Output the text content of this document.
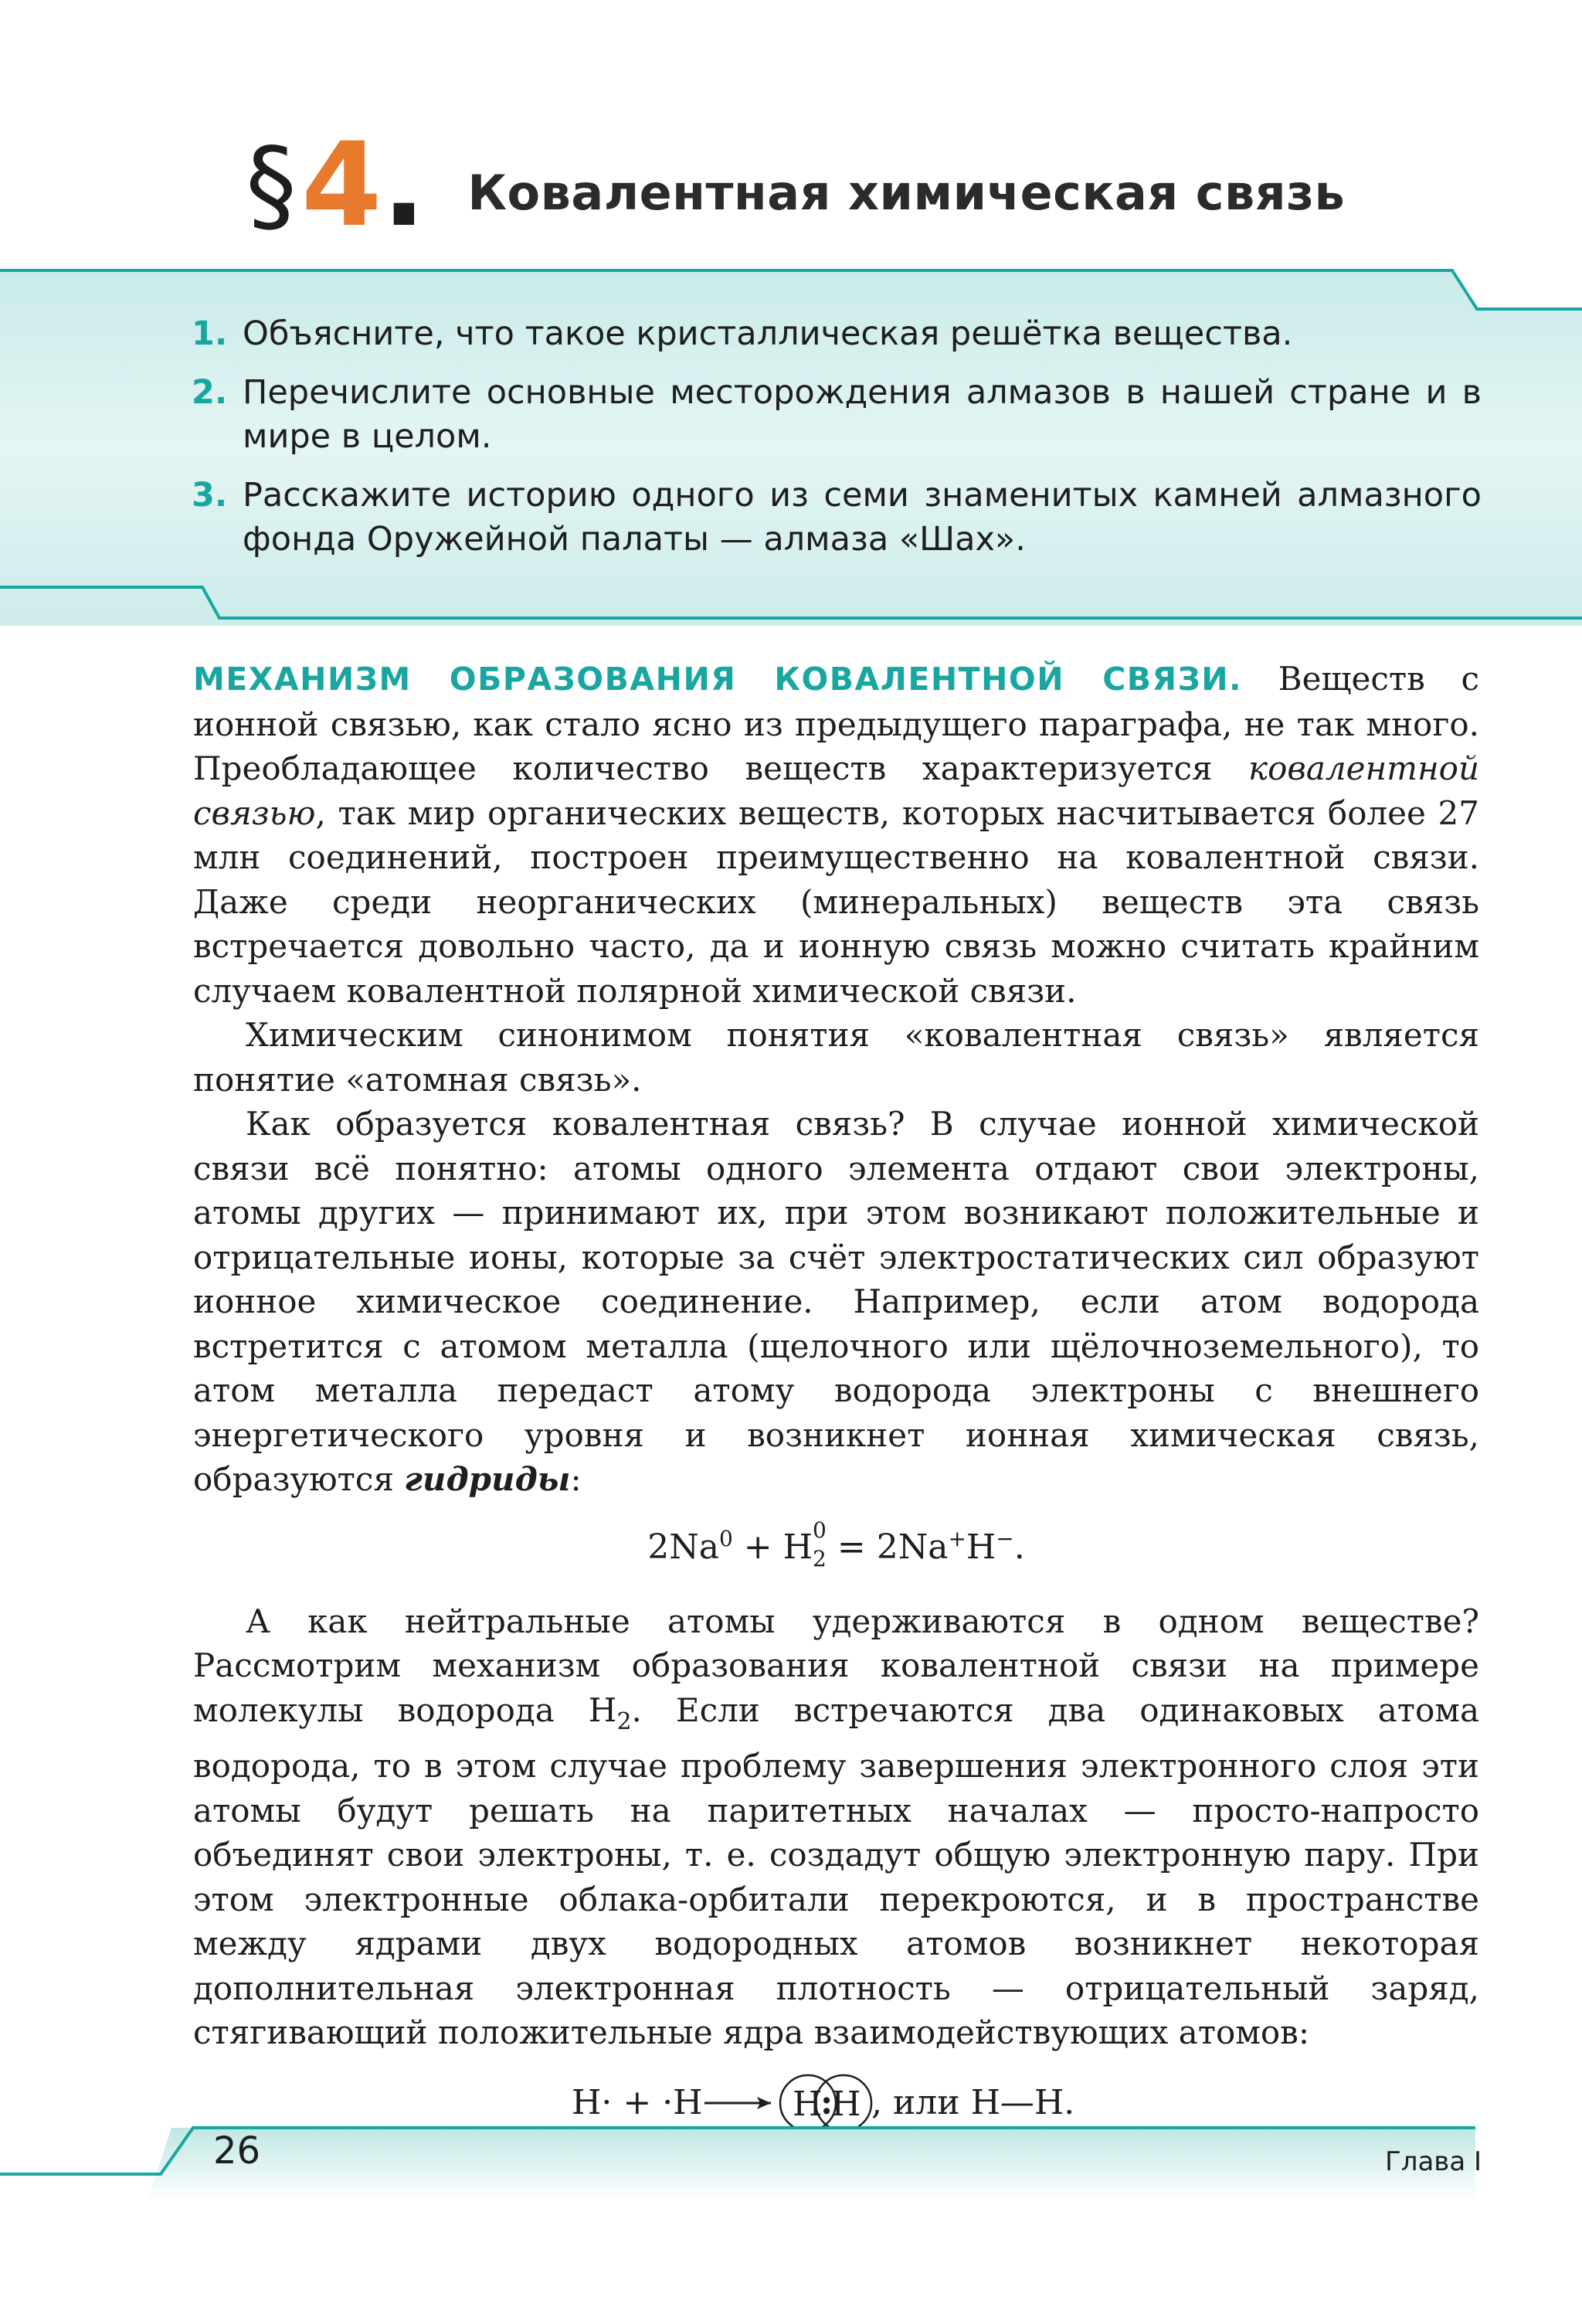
§ 4 . Ковалентная химическая связь
1. Объясните, что такое кристаллическая решётка вещества.
2. Перечислите основные месторождения алмазов в нашей стране и в мире в целом.
3. Расскажите историю одного из семи знаменитых камней алмазного фонда Оружейной палаты — алмаза «Шах».

МЕХАНИЗМ ОБРАЗОВАНИЯ КОВАЛЕНТНОЙ СВЯЗИ. Веществ с ионной связью, как стало ясно из предыдущего параграфа, не так много. Преобладающее количество веществ характеризуется ковалентной связью, так мир органических веществ, которых насчитывается более 27 млн соединений, построен преимущественно на ковалентной связи. Даже среди неорганических (минеральных) веществ эта связь встречается довольно часто, да и ионную связь можно считать крайним случаем ковалентной полярной химической связи.

Химическим синонимом понятия «ковалентная связь» является понятие «атомная связь».

Как образуется ковалентная связь? В случае ионной химической связи всё понятно: атомы одного элемента отдают свои электроны, атомы других — принимают их, при этом возникают положительные и отрицательные ионы, которые за счёт электростатических сил образуют ионное химическое соединение. Например, если атом водорода встретится с атомом металла (щелочного или щёлочноземельного), то атом металла передаст атому водорода электроны с внешнего энергетического уровня и возникнет ионная химическая связь, образуются гидриды:

$2Na^0 + H$ 0
$_2$ = 2Na+H−.

А как нейтральные атомы удерживаются в одном веществе? Рассмотрим механизм образования ковалентной связи на примере молекулы водорода $Н_2$. Если встречаются два одинаковых атома водорода, то в этом случае проблему завершения электронного слоя эти атомы будут решать на паритетных началах — просто-напросто объединят свои электроны, т. е. создадут общую электронную пару. При этом электронные облака-орбитали перекроются, и в пространстве между ядрами двух водородных атомов возникнет некоторая дополнительная электронная плотность — отрицательный заряд, стягивающий положительные ядра взаимодействующих атомов:

H· + ·H	H
:
H , или H—H.
26	Глава I
